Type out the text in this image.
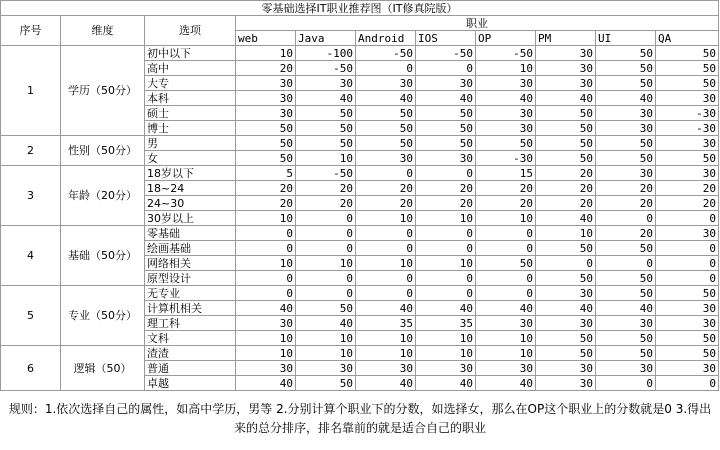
零基础选择IT职业推荐图（IT修真院版）										
序号	维度	选项	职业							
			web	Java	Android	IOS	OP	PM	UI	QA
1	学历（50分）	初中以下	10	-100	-50	-50	-50	30	50	50
		高中	20	-50	0	0	10	30	50	50
		大专	30	30	30	30	30	30	50	50
		本科	30	40	40	40	40	40	40	30
		硕士	30	50	50	50	30	50	30	-30
		博士	50	50	50	50	30	50	30	-30
2	性别（50分）	男	50	50	50	50	50	50	50	30
		女	50	10	30	30	-30	50	50	50
3	年龄（20分）	18岁以下	5	-50	0	0	15	20	30	30
		18~24	20	20	20	20	20	20	20	20
		24~30	20	20	20	20	20	20	20	20
		30岁以上	10	0	10	10	10	40	0	0
4	基础（50分）	零基础	0	0	0	0	0	10	20	30
		绘画基础	0	0	0	0	0	50	50	0
		网络相关	10	10	10	10	50	0	0	0
		原型设计	0	0	0	0	0	50	50	0
5	专业（50分）	无专业	0	0	0	0	0	30	50	50
		计算机相关	40	50	40	40	40	40	40	30
		理工科	30	40	35	35	30	30	30	30
		文科	10	10	10	10	10	50	50	50
6	逻辑（50）	渣渣	10	10	10	10	10	50	50	50
		普通	30	30	30	30	30	30	30	30
		卓越	40	50	40	40	40	30	0	0
规则：1.依次选择自己的属性，如高中学历，男等 2.分别计算个职业下的分数，如选择女，那么在OP这个职业上的分数就是0 3.得出来的总分排序，排名靠前的就是适合自己的职业
